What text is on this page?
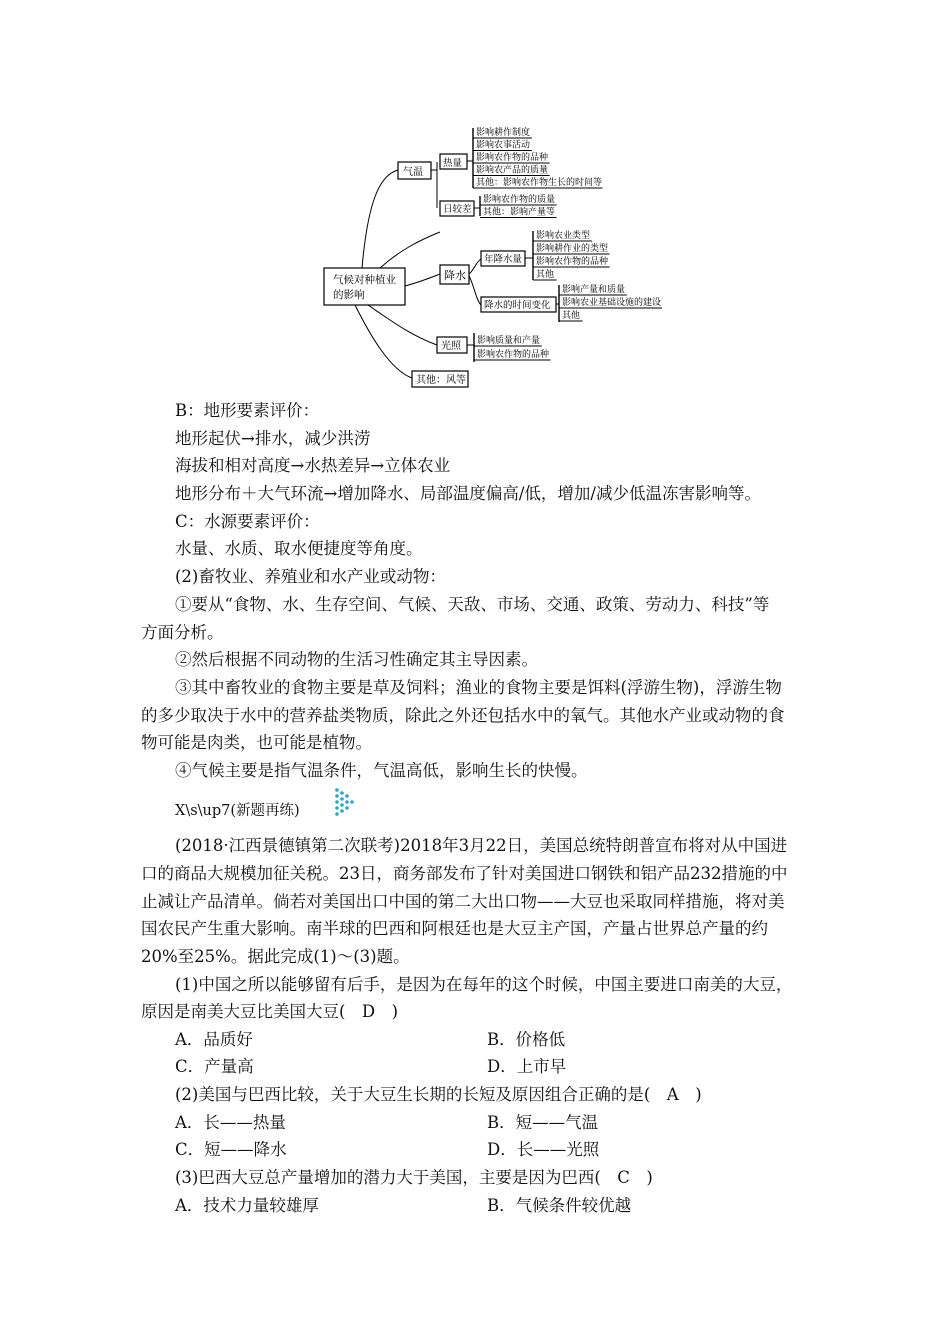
气候对种植业
的影响
气温
热量
日较差
影响耕作制度
影响农事活动
影响农作物的品种
影响农产品的质量
其他：影响农作物生长的时间等
影响农作物的质量
其他：影响产量等
降水
年降水量
降水的时间变化
影响农业类型
影响耕作业的类型
影响农作物的品种
其他
影响产量和质量
影响农业基础设施的建设
其他
光照 影响质量和产量
影响农作物的品种
其他：风等
B：地形要素评价：
地形起伏→排水，减少洪涝
海拔和相对高度→水热差异→立体农业
地形分布＋大气环流→增加降水、局部温度偏高/低，增加/减少低温冻害影响等。
C：水源要素评价：
水量、水质、取水便捷度等角度。
(2)畜牧业、养殖业和水产业或动物：
①要从“食物、水、生存空间、气候、天敌、市场、交通、政策、劳动力、科技”等
方面分析。
②然后根据不同动物的生活习性确定其主导因素。
③其中畜牧业的食物主要是草及饲料；渔业的食物主要是饵料(浮游生物)，浮游生物
的多少取决于水中的营养盐类物质，除此之外还包括水中的氧气。其他水产业或动物的食
物可能是肉类，也可能是植物。
④气候主要是指气温条件，气温高低，影响生长的快慢。
X\s\up7(新题再练)
(2018·江西景德镇第二次联考)2018年3月22日，美国总统特朗普宣布将对从中国进
口的商品大规模加征关税。23日，商务部发布了针对美国进口钢铁和铝产品232措施的中
止减让产品清单。倘若对美国出口中国的第二大出口物——大豆也采取同样措施，将对美
国农民产生重大影响。南半球的巴西和阿根廷也是大豆主产国，产量占世界总产量的约
20%至25%。据此完成(1)～(3)题。
(1)中国之所以能够留有后手，是因为在每年的这个时候，中国主要进口南美的大豆，
原因是南美大豆比美国大豆(　D　)
A．品质好	B．价格低
C．产量高	D．上市早
(2)美国与巴西比较，关于大豆生长期的长短及原因组合正确的是(　A　)
A．长——热量	B．短——气温
C．短——降水	D．长——光照
(3)巴西大豆总产量增加的潜力大于美国，主要是因为巴西(　C　)
A．技术力量较雄厚	B．气候条件较优越
